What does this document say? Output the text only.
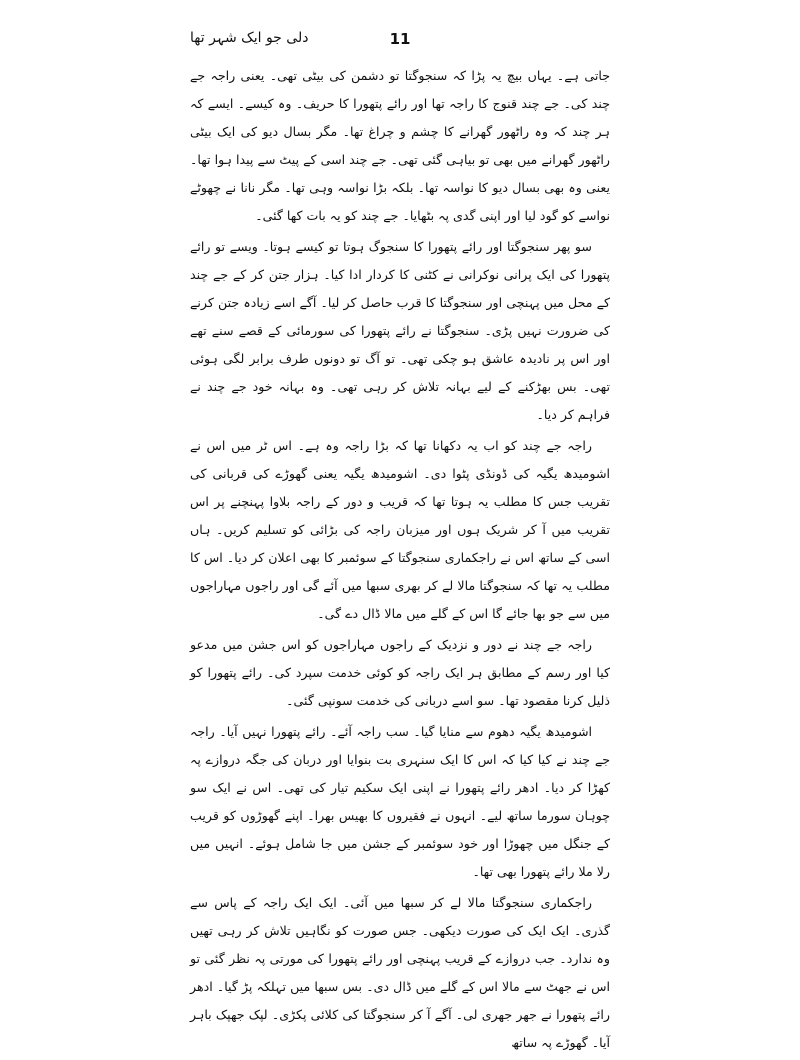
دلی جو ایک شہر تھا	11

جاتی ہے۔ یہاں بیچ یہ پڑا کہ سنجوگتا تو دشمن کی بیٹی تھی۔ یعنی راجہ جے چند کی۔ جے چند قنوج کا راجہ تھا اور رائے پتھورا کا حریف۔ وہ کیسے۔ ایسے کہ ہر چند کہ وہ راٹھور گھرانے کا چشم و چراغ تھا۔ مگر بسال دیو کی ایک بیٹی راٹھور گھرانے میں بھی تو بیاہی گئی تھی۔ جے چند اسی کے پیٹ سے پیدا ہوا تھا۔ یعنی وہ بھی بسال دیو کا نواسہ تھا۔ بلکہ بڑا نواسہ وہی تھا۔ مگر نانا نے چھوٹے نواسے کو گود لیا اور اپنی گدی پہ بٹھایا۔ جے چند کو یہ بات کھا گئی۔

سو پھر سنجوگتا اور رائے پتھورا کا سنجوگ ہوتا تو کیسے ہوتا۔ ویسے تو رائے پتھورا کی ایک پرانی نوکرانی نے کٹنی کا کردار ادا کیا۔ ہزار جتن کر کے جے چند کے محل میں پہنچی اور سنجوگتا کا قرب حاصل کر لیا۔ آگے اسے زیادہ جتن کرنے کی ضرورت نہیں پڑی۔ سنجوگتا نے رائے پتھورا کی سورمائی کے قصے سنے تھے اور اس پر نادیدہ عاشق ہو چکی تھی۔ تو آگ تو دونوں طرف برابر لگی ہوئی تھی۔ بس بھڑکنے کے لیے بہانہ تلاش کر رہی تھی۔ وہ بہانہ خود جے چند نے فراہم کر دیا۔

راجہ جے چند کو اب یہ دکھانا تھا کہ بڑا راجہ وہ ہے۔ اس ٹر میں اس نے اشومیدھ یگیہ کی ڈونڈی پٹوا دی۔ اشومیدھ یگیہ یعنی گھوڑے کی قربانی کی تقریب جس کا مطلب یہ ہوتا تھا کہ قریب و دور کے راجہ بلاوا پہنچنے پر اس تقریب میں آ کر شریک ہوں اور میزبان راجہ کی بڑائی کو تسلیم کریں۔ ہاں اسی کے ساتھ اس نے راجکماری سنجوگتا کے سوئمبر کا بھی اعلان کر دیا۔ اس کا مطلب یہ تھا کہ سنجوگتا مالا لے کر بھری سبھا میں آئے گی اور راجوں مہاراجوں میں سے جو بھا جائے گا اس کے گلے میں مالا ڈال دے گی۔

راجہ جے چند نے دور و نزدیک کے راجوں مہاراجوں کو اس جشن میں مدعو کیا اور رسم کے مطابق ہر ایک راجہ کو کوئی خدمت سپرد کی۔ رائے پتھورا کو ذلیل کرنا مقصود تھا۔ سو اسے دربانی کی خدمت سونپی گئی۔

اشومیدھ یگیہ دھوم سے منایا گیا۔ سب راجہ آئے۔ رائے پتھورا نہیں آیا۔ راجہ جے چند نے کیا کیا کہ اس کا ایک سنہری بت بنوایا اور دربان کی جگہ دروازے پہ کھڑا کر دیا۔ ادھر رائے پتھورا نے اپنی ایک سکیم تیار کی تھی۔ اس نے ایک سو چوہان سورما ساتھ لیے۔ انہوں نے فقیروں کا بھیس بھرا۔ اپنے گھوڑوں کو قریب کے جنگل میں چھوڑا اور خود سوئمبر کے جشن میں جا شامل ہوئے۔ انہیں میں رلا ملا رائے پتھورا بھی تھا۔

راجکماری سنجوگتا مالا لے کر سبھا میں آئی۔ ایک ایک راجہ کے پاس سے گذری۔ ایک ایک کی صورت دیکھی۔ جس صورت کو نگاہیں تلاش کر رہی تھیں وہ ندارد۔ جب دروازے کے قریب پہنچی اور رائے پتھورا کی مورتی پہ نظر گئی تو اس نے جھٹ سے مالا اس کے گلے میں ڈال دی۔ بس سبھا میں تہلکہ پڑ گیا۔ ادھر رائے پتھورا نے جھر جھری لی۔ آگے آ کر سنجوگتا کی کلائی پکڑی۔ لپک جھپک باہر آیا۔ گھوڑے پہ ساتھ
